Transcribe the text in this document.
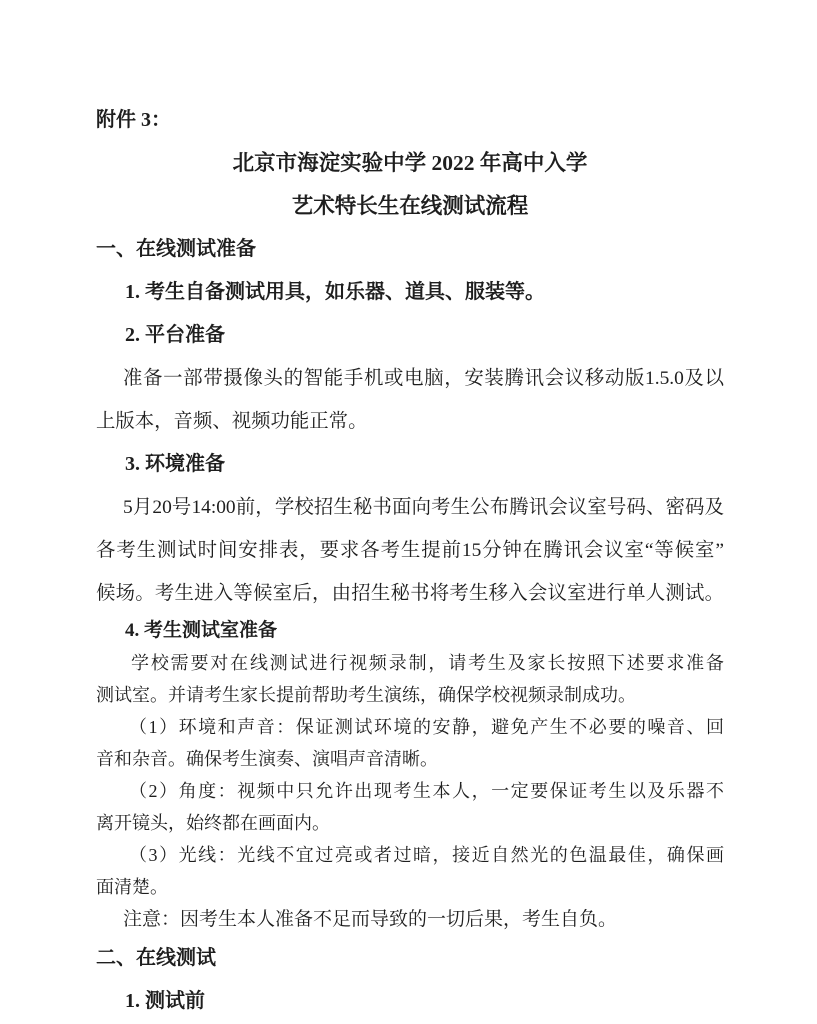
附件 3：
北京市海淀实验中学 2022 年高中入学
艺术特长生在线测试流程
一、在线测试准备
1. 考生自备测试用具，如乐器、道具、服装等。
2. 平台准备
准备一部带摄像头的智能手机或电脑，安装腾讯会议移动版1.5.0及以
上版本，音频、视频功能正常。
3. 环境准备
5月20号14:00前，学校招生秘书面向考生公布腾讯会议室号码、密码及
各考生测试时间安排表，要求各考生提前15分钟在腾讯会议室“等候室”
候场。考生进入等候室后，由招生秘书将考生移入会议室进行单人测试。
4. 考生测试室准备
学校需要对在线测试进行视频录制，请考生及家长按照下述要求准备
测试室。并请考生家长提前帮助考生演练，确保学校视频录制成功。
（1）环境和声音：保证测试环境的安静，避免产生不必要的噪音、回
音和杂音。确保考生演奏、演唱声音清晰。
（2）角度：视频中只允许出现考生本人，一定要保证考生以及乐器不
离开镜头，始终都在画面内。
（3）光线：光线不宜过亮或者过暗，接近自然光的色温最佳，确保画
面清楚。
注意：因考生本人准备不足而导致的一切后果，考生自负。
二、在线测试
1. 测试前
